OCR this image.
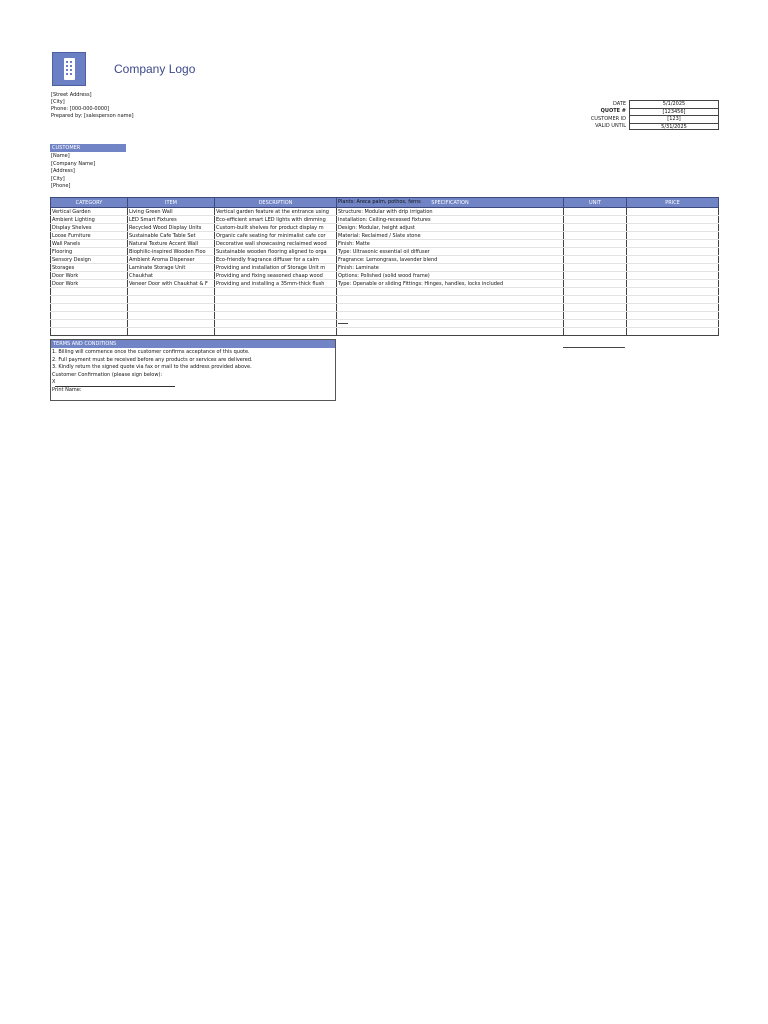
Company Logo
[Street Address]
[City]
Phone: [000-000-0000]
Prepared by: [salesperson name]
DATE	5/1/2025
QUOTE #	[123456]
CUSTOMER ID	[123]
VALID UNTIL	5/31/2025
CUSTOMER
[Name]
[Company Name]
[Address]
[City]
[Phone]
CATEGORY	ITEM	DESCRIPTION	Plants: Areca palm, pothos, ferns SPECIFICATION	UNIT	PRICE
Vertical Garden	Living Green Wall	Vertical garden feature at the entrance using	Structure: Modular with drip irrigation		
Ambient Lighting	LED Smart Fixtures	Eco-efficient smart LED lights with dimming	Installation: Ceiling-recessed fixtures		
Display Shelves	Recycled Wood Display Units	Custom-built shelves for product display m	Design: Modular, height adjust		
Loose Furniture	Sustainable Cafe Table Set	Organic cafe seating for minimalist cafe cor	Material: Reclaimed / Slate stone		
Wall Panels	Natural Texture Accent Wall	Decorative wall showcasing reclaimed wood	Finish: Matte		
Flooring	Biophilic-inspired Wooden Floo	Sustainable wooden flooring aligned to orga	Type: Ultrasonic essential oil diffuser		
Sensory Design	Ambient Aroma Dispenser	Eco-friendly fragrance diffuser for a calm	Fragrance: Lemongrass, lavender blend		
Storages	Laminate Storage Unit	Providing and installation of Storage Unit m	Finish: Laminate		
Door Work	Chaukhat	Providing and fixing seasoned chaap wood	Options: Polished (solid wood frame)		
Door Work	Veneer Door with Chaukhat & F	Providing and installing a 35mm-thick flush	Type: Openable or sliding Fittings: Hinges, handles, locks included		

TERMS AND CONDITIONS
1. Billing will commence once the customer confirms acceptance of this quote.
2. Full payment must be received before any products or services are delivered.
3. Kindly return the signed quote via fax or mail to the address provided above.
Customer Confirmation (please sign below):
X
Print Name:
